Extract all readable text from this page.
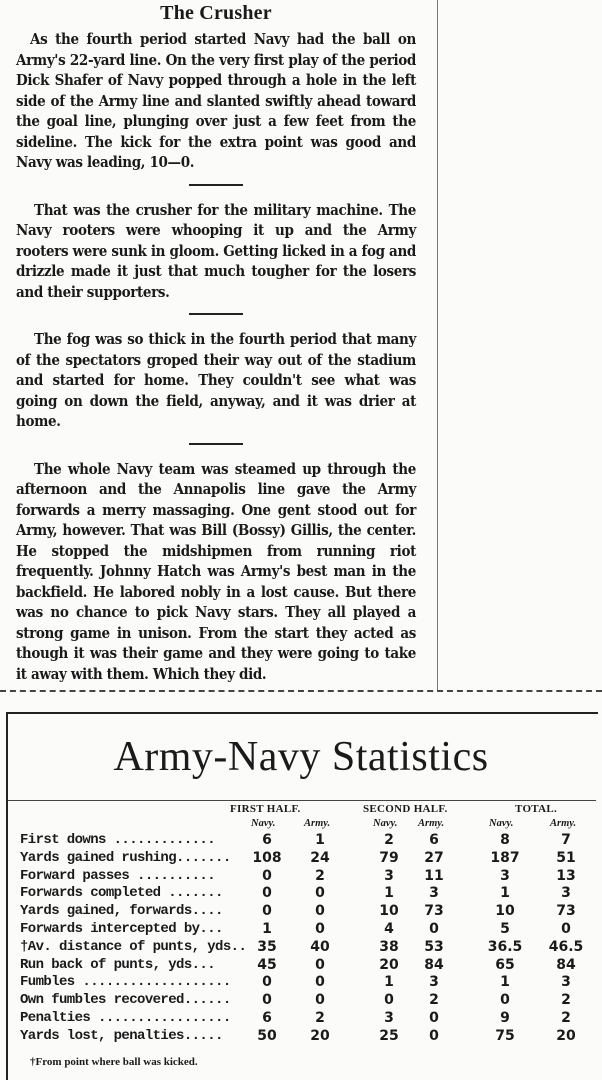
The Crusher

As the fourth period started Navy had the ball on Army's 22-yard line. On the very first play of the period Dick Shafer of Navy popped through a hole in the left side of the Army line and slanted swiftly ahead toward the goal line, plunging over just a few feet from the sideline. The kick for the extra point was good and Navy was leading, 10—0.

That was the crusher for the military machine. The Navy rooters were whooping it up and the Army rooters were sunk in gloom. Getting licked in a fog and drizzle made it just that much tougher for the losers and their supporters.

The fog was so thick in the fourth period that many of the spectators groped their way out of the stadium and started for home. They couldn't see what was going on down the field, anyway, and it was drier at home.

The whole Navy team was steamed up through the afternoon and the Annapolis line gave the Army forwards a merry massaging. One gent stood out for Army, however. That was Bill (Bossy) Gillis, the center. He stopped the midshipmen from running riot frequently. Johnny Hatch was Army's best man in the backfield. He labored nobly in a lost cause. But there was no chance to pick Navy stars. They all played a strong game in unison. From the start they acted as though it was their game and they were going to take it away with them. Which they did.

Army-Navy Statistics
FIRST HALF.	SECOND HALF.	TOTAL.
Navy.	Army.	Navy. Army.	Navy.	Army.
First downs .............	6	1	2	6	8	7
Yards gained rushing.......	108	24	79	27	187	51
Forward passes ..........	0	2	3	11	3	13
Forwards completed .......	0	0	1	3	1	3
Yards gained, forwards....	0	0	10	73	10	73
Forwards intercepted by...	1	0	4	0	5	0
†Av. distance of punts, yds.. 35	40	38	53	36.5 46.5
Run back of punts, yds...	45	0	20	84	65	84
Fumbles ...................	0	0	1	3	1	3
Own fumbles recovered......	0	0	0	2	0	2
Penalties .................	6	2	3	0	9	2
Yards lost, penalties.....	50	20	25	0	75	20
†From point where ball was kicked.
